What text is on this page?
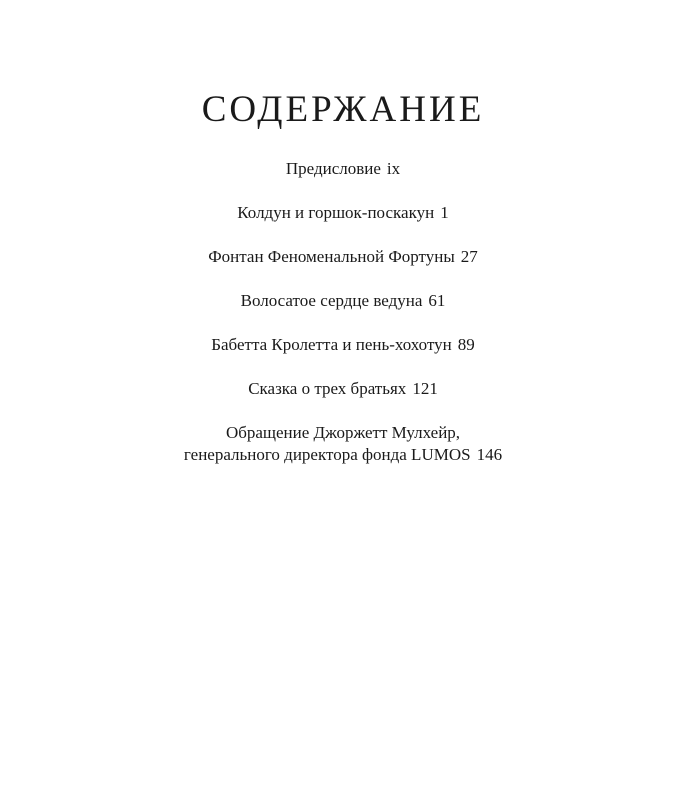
СОДЕРЖАНИЕ
Предисловие ix
Колдун и горшок-поскакун 1
Фонтан Феноменальной Фортуны 27
Волосатое сердце ведуна 61
Бабетта Кролетта и пень-хохотун 89
Сказка о трех братьях 121
Обращение Джоржетт Мулхейр,
генерального директора фонда LUMOS 146
